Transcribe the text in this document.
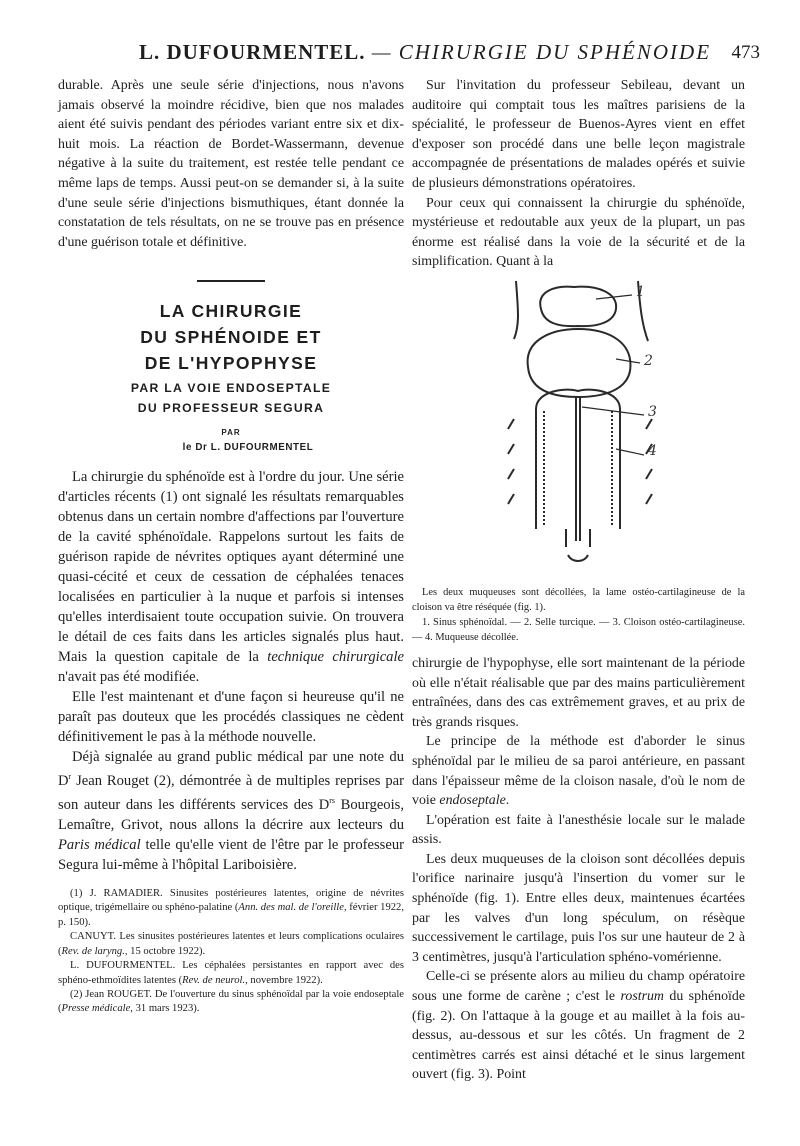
L. DUFOURMENTEL. — CHIRURGIE DU SPHÉNOIDE	473

durable. Après une seule série d'injections, nous n'avons jamais observé la moindre récidive, bien que nos malades aient été suivis pendant des périodes variant entre six et dix-huit mois. La réaction de Bordet-Wassermann, devenue négative à la suite du traitement, est restée telle pendant ce même laps de temps. Aussi peut-on se demander si, à la suite d'une seule série d'injections bismuthiques, étant donnée la constatation de tels résultats, on ne se trouve pas en présence d'une guérison totale et définitive.

LA CHIRURGIE
DU SPHÉNOIDE ET
DE L'HYPOPHYSE
PAR LA VOIE ENDOSEPTALE
DU PROFESSEUR SEGURA
PAR
le Dr L. DUFOURMENTEL

La chirurgie du sphénoïde est à l'ordre du jour. Une série d'articles récents (1) ont signalé les résultats remarquables obtenus dans un certain nombre d'affections par l'ouverture de la cavité sphénoïdale. Rappelons surtout les faits de guérison rapide de névrites optiques ayant déterminé une quasi-cécité et ceux de cessation de céphalées tenaces localisées en particulier à la nuque et parfois si intenses qu'elles interdisaient toute occupation suivie. On trouvera le détail de ces faits dans les articles signalés plus haut. Mais la question capitale de la technique chirurgicale n'avait pas été modifiée.

Elle l'est maintenant et d'une façon si heureuse qu'il ne paraît pas douteux que les procédés classiques ne cèdent définitivement le pas à la méthode nouvelle.

Déjà signalée au grand public médical par une note du $D^r$ Jean Rouget (2), démontrée à de multiples reprises par son auteur dans les différents services des $D^{rs}$ Bourgeois, Lemaître, Grivot, nous allons la décrire aux lecteurs du Paris médical telle qu'elle vient de l'être par le professeur Segura lui-même à l'hôpital Lariboisière.

(1) J. RAMADIER. Sinusites postérieures latentes, origine de névrites optique, trigémellaire ou sphéno-palatine (Ann. des mal. de l'oreille, février 1922, p. 150).

CANUYT. Les sinusites postérieures latentes et leurs complications oculaires (Rev. de laryng., 15 octobre 1922).

L. DUFOURMENTEL. Les céphalées persistantes en rapport avec des sphéno-ethmoïdites latentes (Rev. de neurol., novembre 1922).

(2) Jean ROUGET. De l'ouverture du sinus sphénoïdal par la voie endoseptale (Presse médicale, 31 mars 1923).

Sur l'invitation du professeur Sebileau, devant un auditoire qui comptait tous les maîtres parisiens de la spécialité, le professeur de Buenos-Ayres vient en effet d'exposer son procédé dans une belle leçon magistrale accompagnée de présentations de malades opérés et suivie de plusieurs démonstrations opératoires.

Pour ceux qui connaissent la chirurgie du sphénoïde, mystérieuse et redoutable aux yeux de la plupart, un pas énorme est réalisé dans la voie de la sécurité et de la simplification. Quant à la

1
2
3
4

Les deux muqueuses sont décollées, la lame ostéo-cartilagineuse de la cloison va être réséquée (fig. 1).

1. Sinus sphénoïdal. — 2. Selle turcique. — 3. Cloison ostéo-cartilagineuse. — 4. Muqueuse décollée.

chirurgie de l'hypophyse, elle sort maintenant de la période où elle n'était réalisable que par des mains particulièrement entraînées, dans des cas extrêmement graves, et au prix de très grands risques.

Le principe de la méthode est d'aborder le sinus sphénoïdal par le milieu de sa paroi antérieure, en passant dans l'épaisseur même de la cloison nasale, d'où le nom de voie endoseptale.

L'opération est faite à l'anesthésie locale sur le malade assis.

Les deux muqueuses de la cloison sont décollées depuis l'orifice narinaire jusqu'à l'insertion du vomer sur le sphénoïde (fig. 1). Entre elles deux, maintenues écartées par les valves d'un long spéculum, on résèque successivement le cartilage, puis l'os sur une hauteur de 2 à 3 centimètres, jusqu'à l'articulation sphéno-vomérienne.

Celle-ci se présente alors au milieu du champ opératoire sous une forme de carène ; c'est le rostrum du sphénoïde (fig. 2). On l'attaque à la gouge et au maillet à la fois au-dessus, au-dessous et sur les côtés. Un fragment de 2 centimètres carrés est ainsi détaché et le sinus largement ouvert (fig. 3). Point
